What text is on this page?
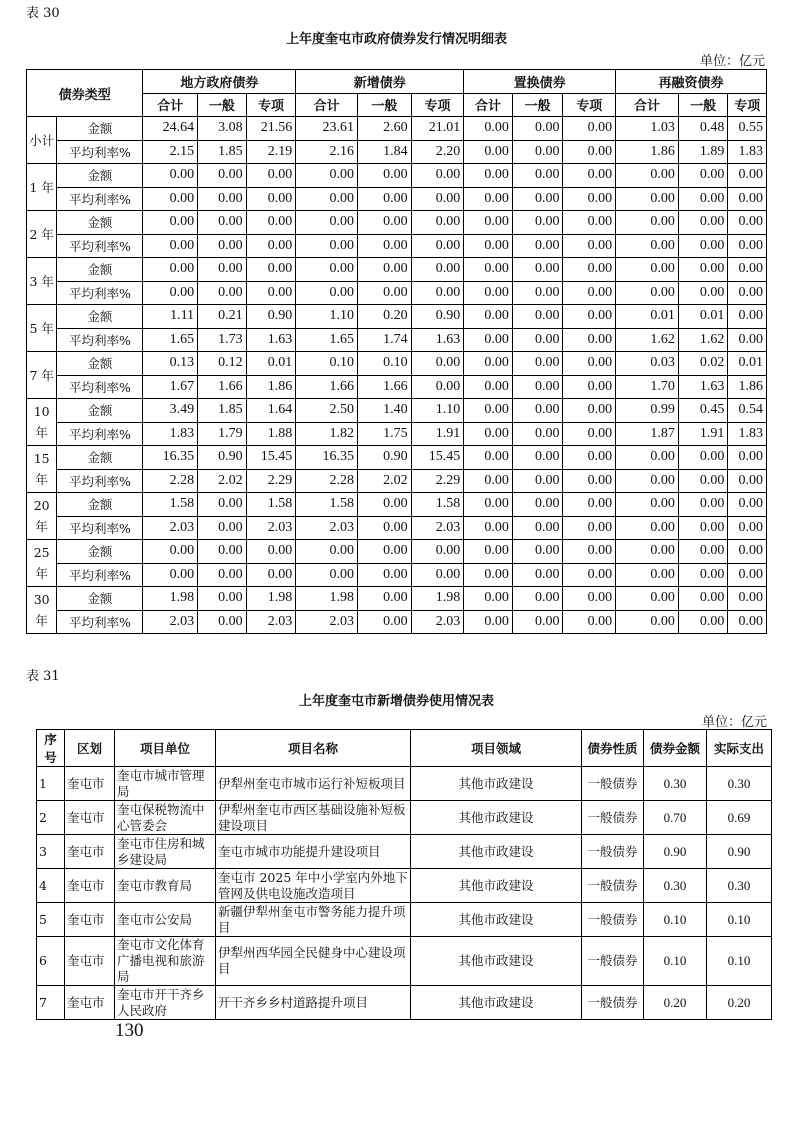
表 30
上年度奎屯市政府债券发行情况明细表
单位：亿元
债券类型		地方政府债券			新增债券			置换债券			再融资债券		
		合计	一般	专项	合计	一般	专项	合计	一般	专项	合计	一般	专项
小计	金额	24.64	3.08	21.56	23.61	2.60	21.01	0.00	0.00	0.00	1.03	0.48	0.55
	平均利率%	2.15	1.85	2.19	2.16	1.84	2.20	0.00	0.00	0.00	1.86	1.89	1.83
1 年	金额	0.00	0.00	0.00	0.00	0.00	0.00	0.00	0.00	0.00	0.00	0.00	0.00
	平均利率%	0.00	0.00	0.00	0.00	0.00	0.00	0.00	0.00	0.00	0.00	0.00	0.00
2 年	金额	0.00	0.00	0.00	0.00	0.00	0.00	0.00	0.00	0.00	0.00	0.00	0.00
	平均利率%	0.00	0.00	0.00	0.00	0.00	0.00	0.00	0.00	0.00	0.00	0.00	0.00
3 年	金额	0.00	0.00	0.00	0.00	0.00	0.00	0.00	0.00	0.00	0.00	0.00	0.00
	平均利率%	0.00	0.00	0.00	0.00	0.00	0.00	0.00	0.00	0.00	0.00	0.00	0.00
5 年	金额	1.11	0.21	0.90	1.10	0.20	0.90	0.00	0.00	0.00	0.01	0.01	0.00
	平均利率%	1.65	1.73	1.63	1.65	1.74	1.63	0.00	0.00	0.00	1.62	1.62	0.00
7 年	金额	0.13	0.12	0.01	0.10	0.10	0.00	0.00	0.00	0.00	0.03	0.02	0.01
	平均利率%	1.67	1.66	1.86	1.66	1.66	0.00	0.00	0.00	0.00	1.70	1.63	1.86
10 年	金额	3.49	1.85	1.64	2.50	1.40	1.10	0.00	0.00	0.00	0.99	0.45	0.54
	平均利率%	1.83	1.79	1.88	1.82	1.75	1.91	0.00	0.00	0.00	1.87	1.91	1.83
15 年	金额	16.35	0.90	15.45	16.35	0.90	15.45	0.00	0.00	0.00	0.00	0.00	0.00
	平均利率%	2.28	2.02	2.29	2.28	2.02	2.29	0.00	0.00	0.00	0.00	0.00	0.00
20 年	金额	1.58	0.00	1.58	1.58	0.00	1.58	0.00	0.00	0.00	0.00	0.00	0.00
	平均利率%	2.03	0.00	2.03	2.03	0.00	2.03	0.00	0.00	0.00	0.00	0.00	0.00
25 年	金额	0.00	0.00	0.00	0.00	0.00	0.00	0.00	0.00	0.00	0.00	0.00	0.00
	平均利率%	0.00	0.00	0.00	0.00	0.00	0.00	0.00	0.00	0.00	0.00	0.00	0.00
30 年	金额	1.98	0.00	1.98	1.98	0.00	1.98	0.00	0.00	0.00	0.00	0.00	0.00
	平均利率%	2.03	0.00	2.03	2.03	0.00	2.03	0.00	0.00	0.00	0.00	0.00	0.00
表 31
上年度奎屯市新增债券使用情况表
单位：亿元
序号	区划	项目单位	项目名称	项目领域	债券性质	债券金额	实际支出
1	奎屯市	奎屯市城市管理局	伊犁州奎屯市城市运行补短板项目	其他市政建设	一般债券	0.30	0.30
2	奎屯市	奎屯保税物流中心管委会	伊犁州奎屯市西区基础设施补短板建设项目	其他市政建设	一般债券	0.70	0.69
3	奎屯市	奎屯市住房和城乡建设局	奎屯市城市功能提升建设项目	其他市政建设	一般债券	0.90	0.90
4	奎屯市	奎屯市教育局	奎屯市 2025 年中小学室内外地下管网及供电设施改造项目	其他市政建设	一般债券	0.30	0.30
5	奎屯市	奎屯市公安局	新疆伊犁州奎屯市警务能力提升项目	其他市政建设	一般债券	0.10	0.10
6	奎屯市	奎屯市文化体育广播电视和旅游局	伊犁州西华园全民健身中心建设项目	其他市政建设	一般债券	0.10	0.10
7	奎屯市	奎屯市开干齐乡人民政府	开干齐乡乡村道路提升项目	其他市政建设	一般债券	0.20	0.20
130
